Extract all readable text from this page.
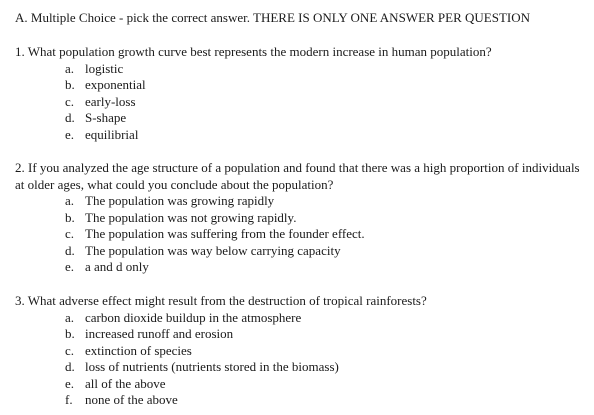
A. Multiple Choice - pick the correct answer. THERE IS ONLY ONE ANSWER PER QUESTION

1. What population growth curve best represents the modern increase in human population?

a. logistic
b. exponential
c. early-loss
d. S-shape
e. equilibrial

2. If you analyzed the age structure of a population and found that there was a high proportion of individuals at older ages, what could you conclude about the population?

a. The population was growing rapidly
b. The population was not growing rapidly.
c. The population was suffering from the founder effect.
d. The population was way below carrying capacity
e. a and d only

3. What adverse effect might result from the destruction of tropical rainforests?

a. carbon dioxide buildup in the atmosphere
b. increased runoff and erosion
c. extinction of species
d. loss of nutrients (nutrients stored in the biomass)
e. all of the above
f. none of the above
